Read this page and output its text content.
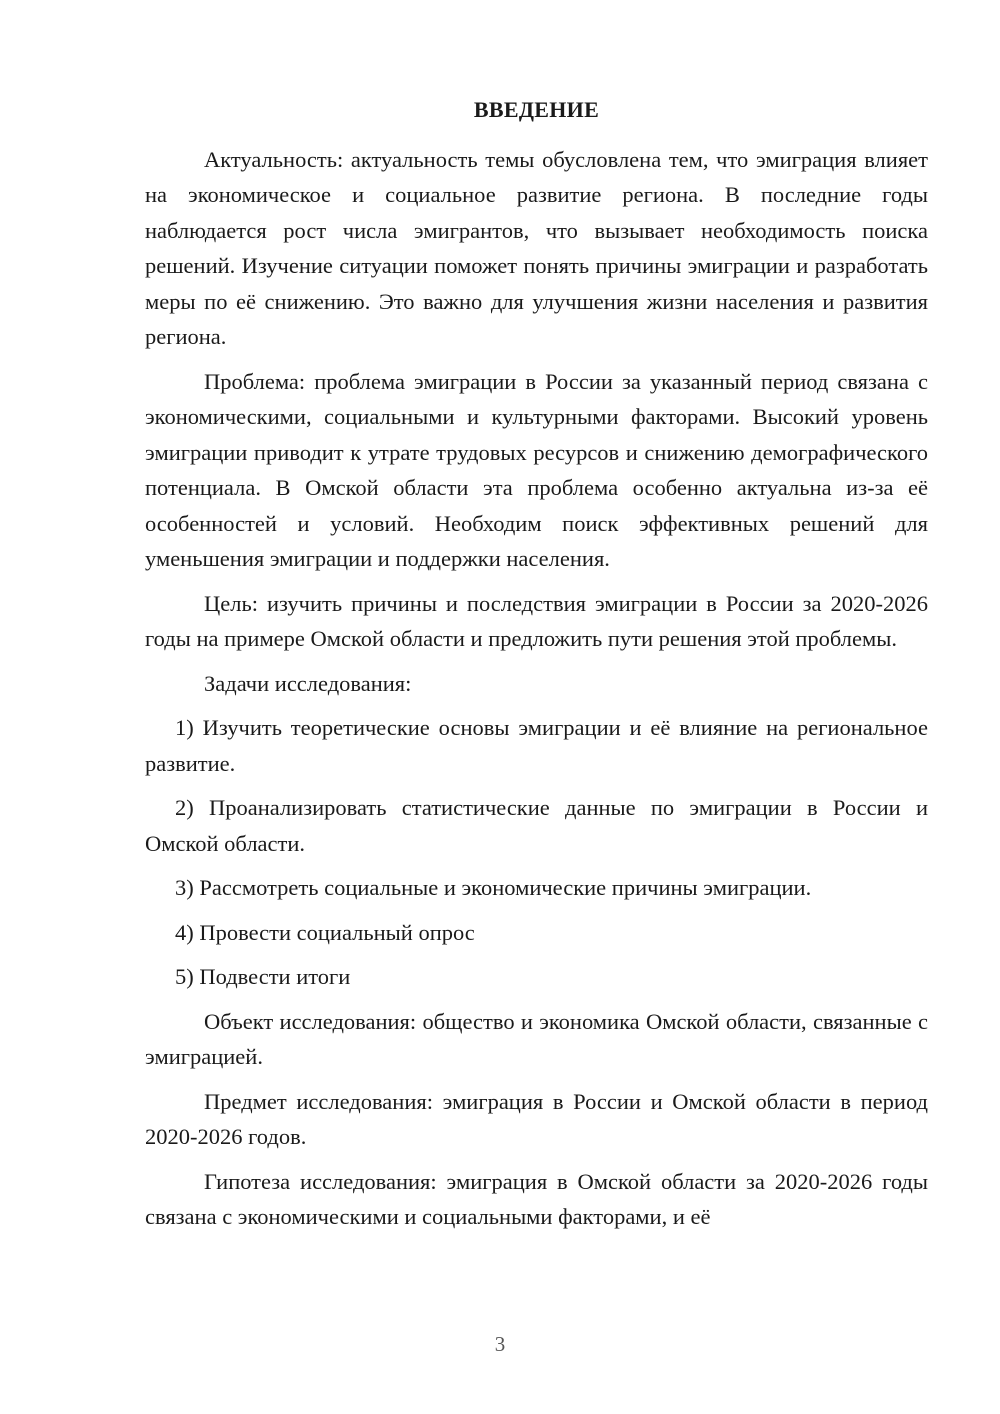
ВВЕДЕНИЕ

Актуальность: актуальность темы обусловлена тем, что эмиграция влияет на экономическое и социальное развитие региона. В последние годы наблюдается рост числа эмигрантов, что вызывает необходимость поиска решений. Изучение ситуации поможет понять причины эмиграции и разработать меры по её снижению. Это важно для улучшения жизни населения и развития региона.

Проблема: проблема эмиграции в России за указанный период связана с экономическими, социальными и культурными факторами. Высокий уровень эмиграции приводит к утрате трудовых ресурсов и снижению демографического потенциала. В Омской области эта проблема особенно актуальна из-за её особенностей и условий. Необходим поиск эффективных решений для уменьшения эмиграции и поддержки населения.

Цель: изучить причины и последствия эмиграции в России за 2020-2026 годы на примере Омской области и предложить пути решения этой проблемы.

Задачи исследования:

1) Изучить теоретические основы эмиграции и её влияние на региональное развитие.

2) Проанализировать статистические данные по эмиграции в России и Омской области.

3) Рассмотреть социальные и экономические причины эмиграции.

4) Провести социальный опрос

5) Подвести итоги

Объект исследования: общество и экономика Омской области, связанные с эмиграцией.

Предмет исследования: эмиграция в России и Омской области в период 2020-2026 годов.

Гипотеза исследования: эмиграция в Омской области за 2020-2026 годы связана с экономическими и социальными факторами, и её

3
